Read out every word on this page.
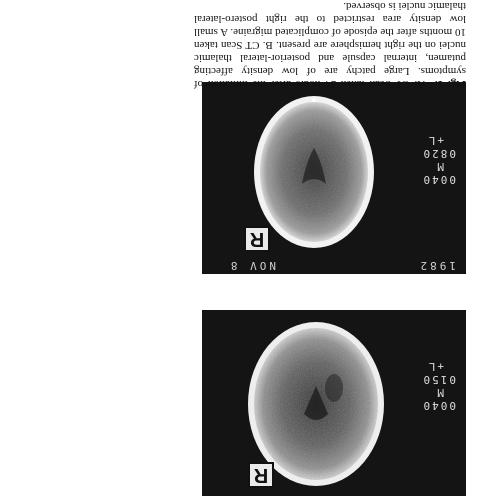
R
0040
M
0150
+L
R
0040
M
0820
+L
1982
NOV 8

Fig. 1.– A. CT Scan taken 24 hours after the initiation of symptoms. Large patchy are of low density affecting putamen, internal capsule and posterior-lateral thalamic nuclei on the right hemisphere are present. B. CT Scan taken 10 months after the episode of complicated migraine. A small low density area restricted to the right postero-lateral thalamic nuclei is observed.
